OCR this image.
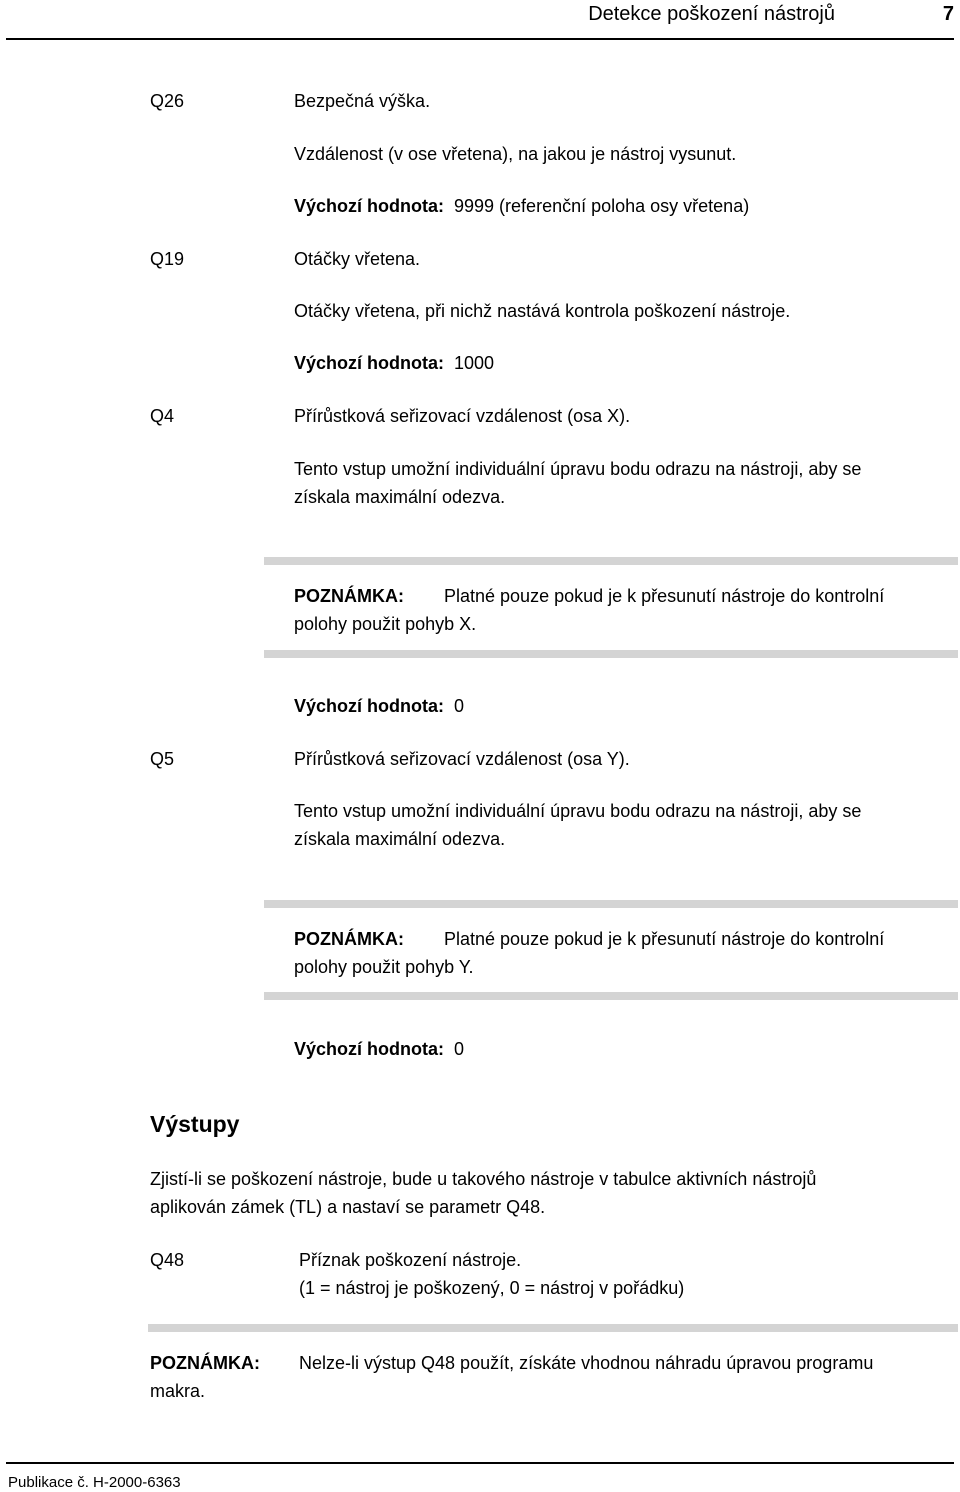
Detekce poškození nástrojů	7
Q26	Bezpečná výška.
Vzdálenost (v ose vřetena), na jakou je nástroj vysunut.
Výchozí hodnota: 9999 (referenční poloha osy vřetena)
Q19	Otáčky vřetena.
Otáčky vřetena, při nichž nastává kontrola poškození nástroje.
Výchozí hodnota: 1000
Q4	Přírůstková seřizovací vzdálenost (osa X).
Tento vstup umožní individuální úpravu bodu odrazu na nástroji, aby se
získala maximální odezva.
POZNÁMKA: Platné pouze pokud je k přesunutí nástroje do kontrolní
polohy použit pohyb X.
Výchozí hodnota: 0
Q5	Přírůstková seřizovací vzdálenost (osa Y).
Tento vstup umožní individuální úpravu bodu odrazu na nástroji, aby se
získala maximální odezva.
POZNÁMKA: Platné pouze pokud je k přesunutí nástroje do kontrolní
polohy použit pohyb Y.
Výchozí hodnota: 0
Výstupy
Zjistí-li se poškození nástroje, bude u takového nástroje v tabulce aktivních nástrojů
aplikován zámek (TL) a nastaví se parametr Q48.
Q48	Příznak poškození nástroje.
(1 = nástroj je poškozený, 0 = nástroj v pořádku)
POZNÁMKA: Nelze-li výstup Q48 použít, získáte vhodnou náhradu úpravou programu
makra.
Publikace č. H-2000-6363
